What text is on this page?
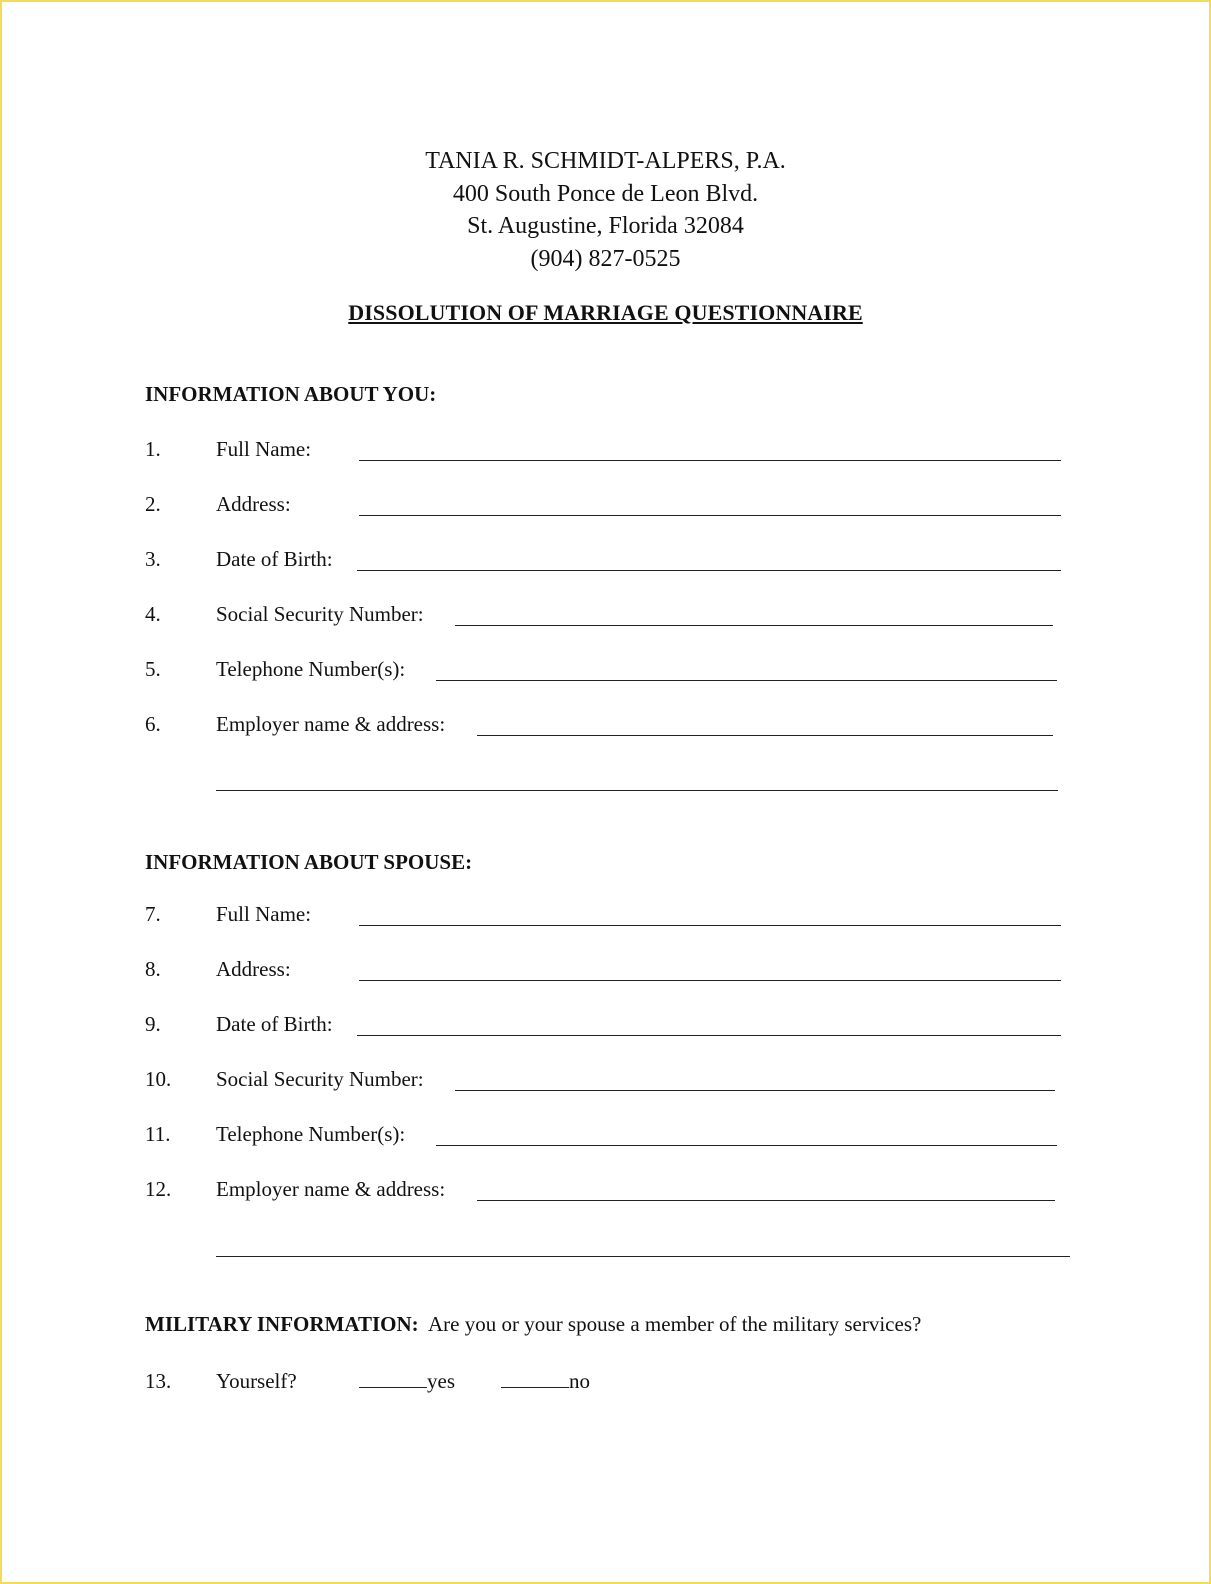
TANIA R. SCHMIDT-ALPERS, P.A.
400 South Ponce de Leon Blvd.
St. Augustine, Florida 32084
(904) 827-0525
DISSOLUTION OF MARRIAGE QUESTIONNAIRE
INFORMATION ABOUT YOU:
1.	Full Name:
2.	Address:
3.	Date of Birth:
4.	Social Security Number:
5.	Telephone Number(s):
6.	Employer name & address:
INFORMATION ABOUT SPOUSE:
7.	Full Name:
8.	Address:
9.	Date of Birth:
10. Social Security Number:
11. Telephone Number(s):
12. Employer name & address:
MILITARY INFORMATION: Are you or your spouse a member of the military services?
13. Yourself?	yes	no
